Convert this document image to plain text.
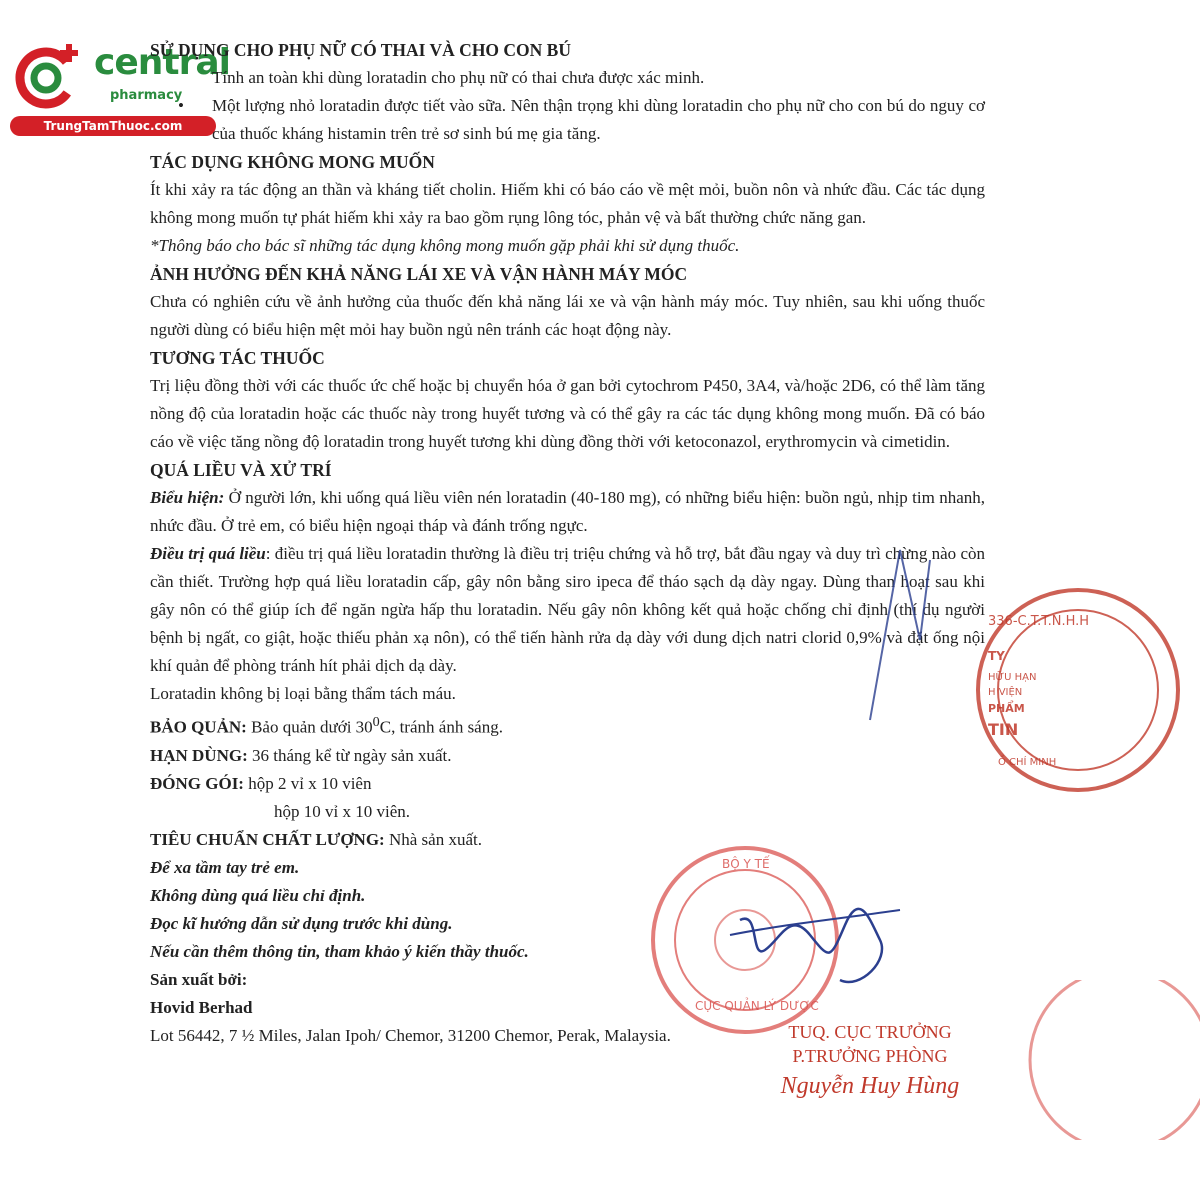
central
pharmacy
TrungTamThuoc.com
SỬ DỤNG CHO PHỤ NỮ CÓ THAI VÀ CHO CON BÚ
Tính an toàn khi dùng loratadin cho phụ nữ có thai chưa được xác minh.
• Một lượng nhỏ loratadin được tiết vào sữa. Nên thận trọng khi dùng loratadin cho phụ nữ cho con bú do nguy cơ của thuốc kháng histamin trên trẻ sơ sinh bú mẹ gia tăng.
TÁC DỤNG KHÔNG MONG MUỐN
Ít khi xảy ra tác động an thần và kháng tiết cholin. Hiếm khi có báo cáo về mệt mỏi, buồn nôn và nhức đầu. Các tác dụng không mong muốn tự phát hiếm khi xảy ra bao gồm rụng lông tóc, phản vệ và bất thường chức năng gan.
*Thông báo cho bác sĩ những tác dụng không mong muốn gặp phải khi sử dụng thuốc.
ẢNH HƯỞNG ĐẾN KHẢ NĂNG LÁI XE VÀ VẬN HÀNH MÁY MÓC
Chưa có nghiên cứu về ảnh hưởng của thuốc đến khả năng lái xe và vận hành máy móc. Tuy nhiên, sau khi uống thuốc người dùng có biểu hiện mệt mỏi hay buồn ngủ nên tránh các hoạt động này.
TƯƠNG TÁC THUỐC
Trị liệu đồng thời với các thuốc ức chế hoặc bị chuyển hóa ở gan bởi cytochrom P450, 3A4, và/hoặc 2D6, có thể làm tăng nồng độ của loratadin hoặc các thuốc này trong huyết tương và có thể gây ra các tác dụng không mong muốn. Đã có báo cáo về việc tăng nồng độ loratadin trong huyết tương khi dùng đồng thời với ketoconazol, erythromycin và cimetidin.
QUÁ LIỀU VÀ XỬ TRÍ
Biểu hiện: Ở người lớn, khi uống quá liều viên nén loratadin (40-180 mg), có những biểu hiện: buồn ngủ, nhịp tim nhanh, nhức đầu. Ở trẻ em, có biểu hiện ngoại tháp và đánh trống ngực.
Điều trị quá liều: điều trị quá liều loratadin thường là điều trị triệu chứng và hỗ trợ, bắt đầu ngay và duy trì chừng nào còn cần thiết. Trường hợp quá liều loratadin cấp, gây nôn bằng siro ipeca để tháo sạch dạ dày ngay. Dùng than hoạt sau khi gây nôn có thể giúp ích để ngăn ngừa hấp thu loratadin. Nếu gây nôn không kết quả hoặc chống chỉ định (thí dụ người bệnh bị ngất, co giật, hoặc thiếu phản xạ nôn), có thể tiến hành rửa dạ dày với dung dịch natri clorid 0,9% và đặt ống nội khí quản để phòng tránh hít phải dịch dạ dày.
Loratadin không bị loại bằng thẩm tách máu.
BẢO QUẢN: Bảo quản dưới $30^0C$, tránh ánh sáng.
HẠN DÙNG: 36 tháng kể từ ngày sản xuất.
ĐÓNG GÓI: hộp 2 vỉ x 10 viên
hộp 10 vỉ x 10 viên.
TIÊU CHUẨN CHẤT LƯỢNG: Nhà sản xuất.
Để xa tầm tay trẻ em.
Không dùng quá liều chỉ định.
Đọc kĩ hướng dẫn sử dụng trước khi dùng.
Nếu cần thêm thông tin, tham khảo ý kiến thầy thuốc.
Sản xuất bởi:
Hovid Berhad
Lot 56442, 7 ½ Miles, Jalan Ipoh/ Chemor, 31200 Chemor, Perak, Malaysia.
336-C.T.T.N.H.H
TY
HỮU HẠN
H VIỆN
PHẨM
TIN
Ồ CHÍ MINH
BỘ Y TẾ
CỤC QUẢN LÝ DƯỢC
TUQ. CỤC TRƯỞNG
P.TRƯỞNG PHÒNG
Nguyễn Huy Hùng
